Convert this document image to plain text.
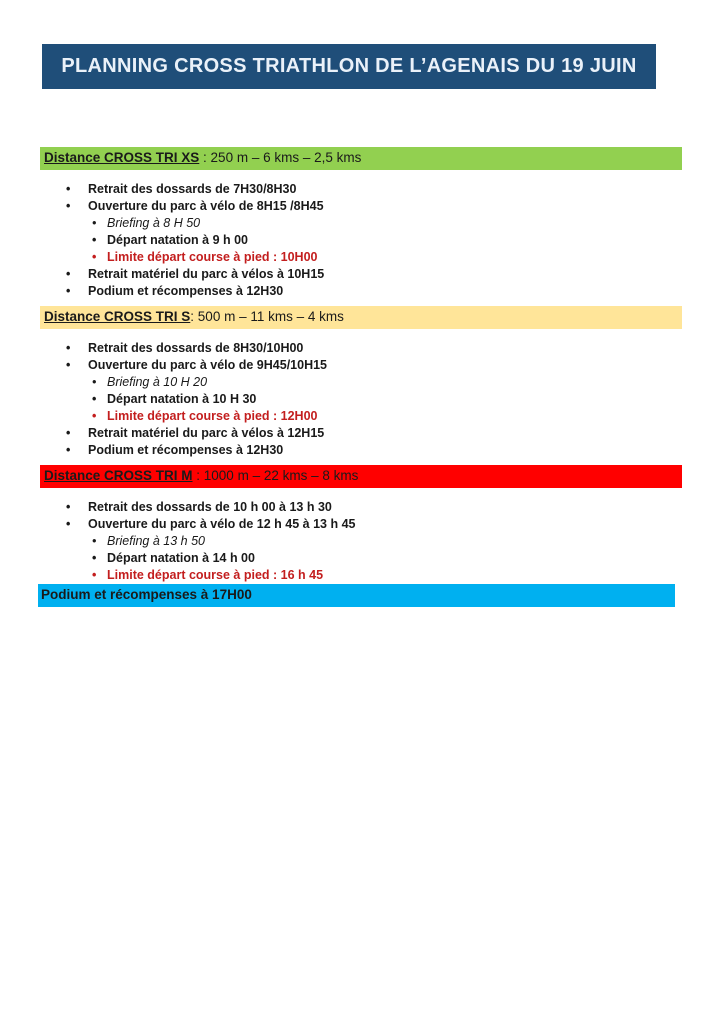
PLANNING CROSS TRIATHLON DE L’AGENAIS DU 19 JUIN
Distance CROSS TRI XS : 250 m – 6 kms – 2,5 kms
• Retrait des dossards de 7H30/8H30
• Ouverture du parc à vélo de 8H15 /8H45
• Briefing à 8 H 50
• Départ natation à 9 h 00
• Limite départ course à pied : 10H00
• Retrait matériel du parc à vélos à 10H15
• Podium et récompenses à 12H30
Distance CROSS TRI S: 500 m – 11 kms – 4 kms
• Retrait des dossards de 8H30/10H00
• Ouverture du parc à vélo de 9H45/10H15
• Briefing à 10 H 20
• Départ natation à 10 H 30
• Limite départ course à pied : 12H00
• Retrait matériel du parc à vélos à 12H15
• Podium et récompenses à 12H30
Distance CROSS TRI M : 1000 m – 22 kms – 8 kms
• Retrait des dossards de 10 h 00 à 13 h 30
• Ouverture du parc à vélo de 12 h 45 à 13 h 45
• Briefing à 13 h 50
• Départ natation à 14 h 00
• Limite départ course à pied : 16 h 45
Podium et récompenses à 17H00
